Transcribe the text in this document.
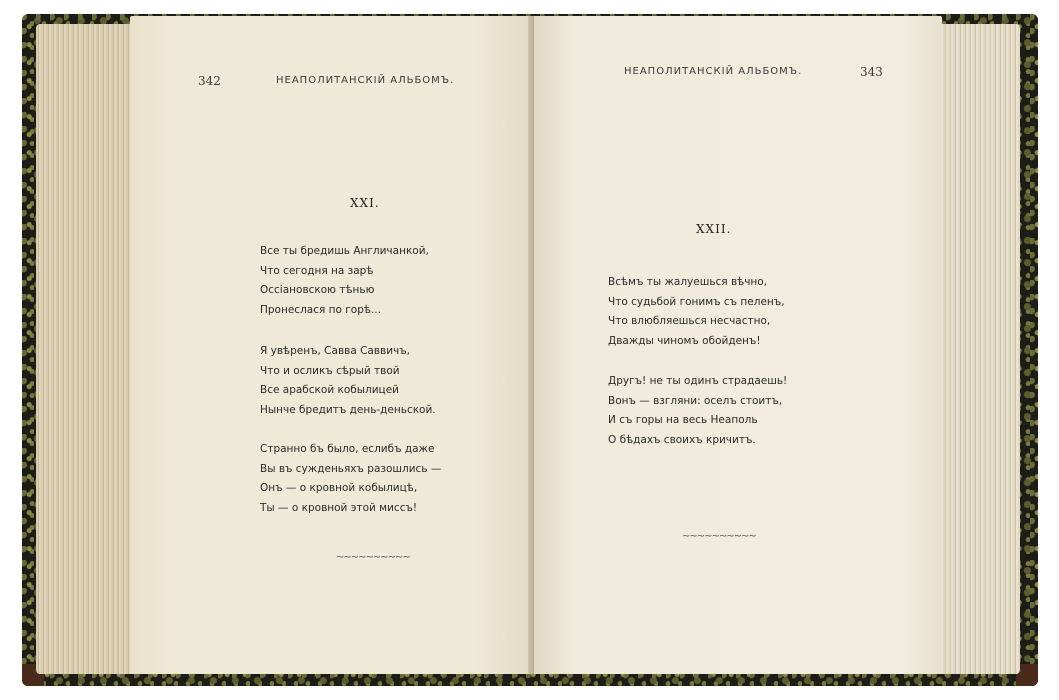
342	НЕАПОЛИТАНСКІЙ АЛЬБОМЪ.
XXI.
Все ты бредишь Англичанкой,
Что сегодня на зарѣ
Оссіановскою тѣнью
Пронеслася по горѣ...
Я увѣренъ, Савва Саввичъ,
Что и осликъ сѣрый твой
Все арабской кобылицей
Нынче бредитъ день-деньской.
Странно бъ было, еслибъ даже
Вы въ сужденьяхъ разошлись —
Онъ — о кровной кобылицѣ,
Ты — о кровной этой миссъ!
~~~~~~~~~~
НЕАПОЛИТАНСКІЙ АЛЬБОМЪ.	343
XXII.
Всѣмъ ты жалуешься вѣчно,
Что судьбой гонимъ съ пеленъ,
Что влюбляешься несчастно,
Дважды чиномъ обойденъ!
Другъ! не ты одинъ страдаешь!
Вонъ — взгляни: оселъ стоитъ,
И съ горы на весь Неаполь
О бѣдахъ своихъ кричитъ.
~~~~~~~~~~
